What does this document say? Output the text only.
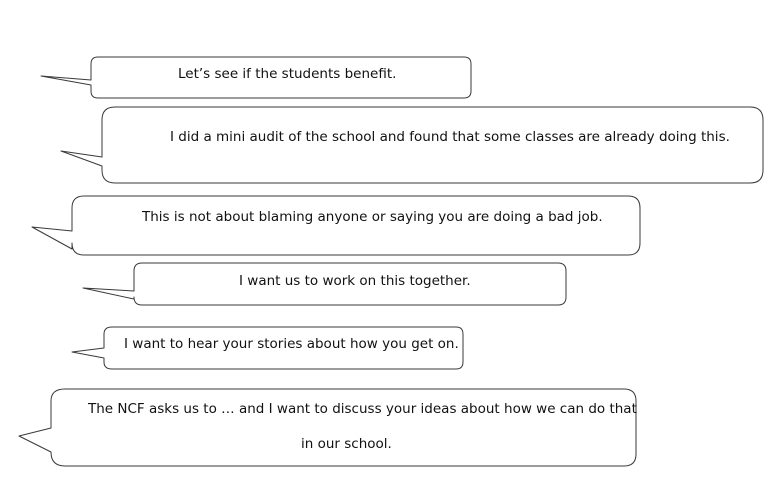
Let’s see if the students benefit.
I did a mini audit of the school and found that some classes are already doing this.
This is not about blaming anyone or saying you are doing a bad job.
I want us to work on this together.
I want to hear your stories about how you get on.
The NCF asks us to … and I want to discuss your ideas about how we can do that
in our school.
